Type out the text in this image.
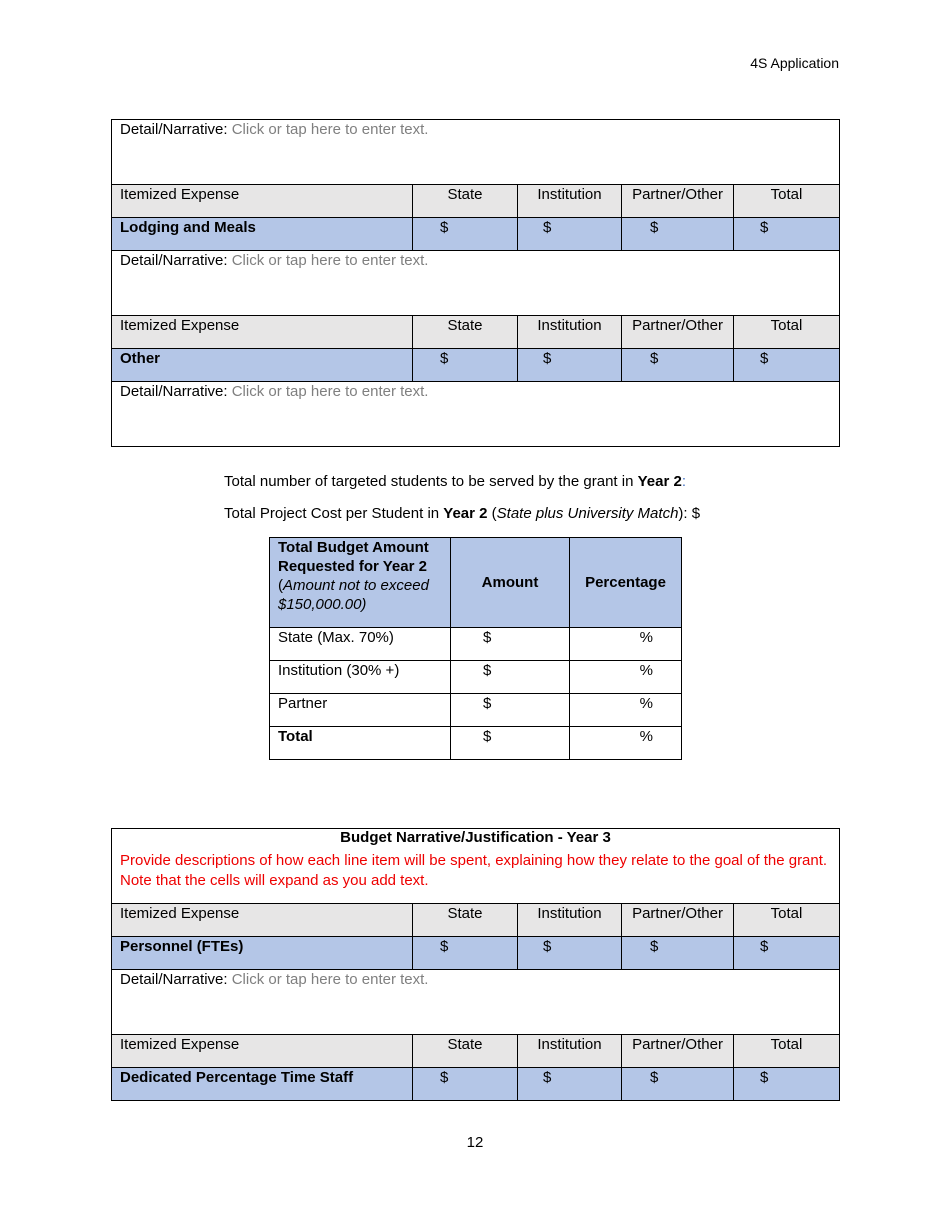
4S Application
Detail/Narrative: Click or tap here to enter text.				
Itemized Expense	State	Institution	Partner/Other	Total
Lodging and Meals	$	$	$	$
Detail/Narrative: Click or tap here to enter text.				
Itemized Expense	State	Institution	Partner/Other	Total
Other	$	$	$	$
Detail/Narrative: Click or tap here to enter text.				
Total number of targeted students to be served by the grant in Year 2:
Total Project Cost per Student in Year 2 (State plus University Match): $
Total Budget Amount Requested for Year 2
(Amount not to exceed $150,000.00)	Amount	Percentage
State (Max. 70%)	$	%
Institution (30% +)	$	%
Partner	$	%
Total	$	%
Budget Narrative/Justification - Year 3				
Provide descriptions of how each line item will be spent, explaining how they relate to the goal of the grant. Note that the cells will expand as you add text.				
Itemized Expense	State	Institution	Partner/Other	Total
Personnel (FTEs)	$	$	$	$
Detail/Narrative: Click or tap here to enter text.				
Itemized Expense	State	Institution	Partner/Other	Total
Dedicated Percentage Time Staff	$	$	$	$
12
